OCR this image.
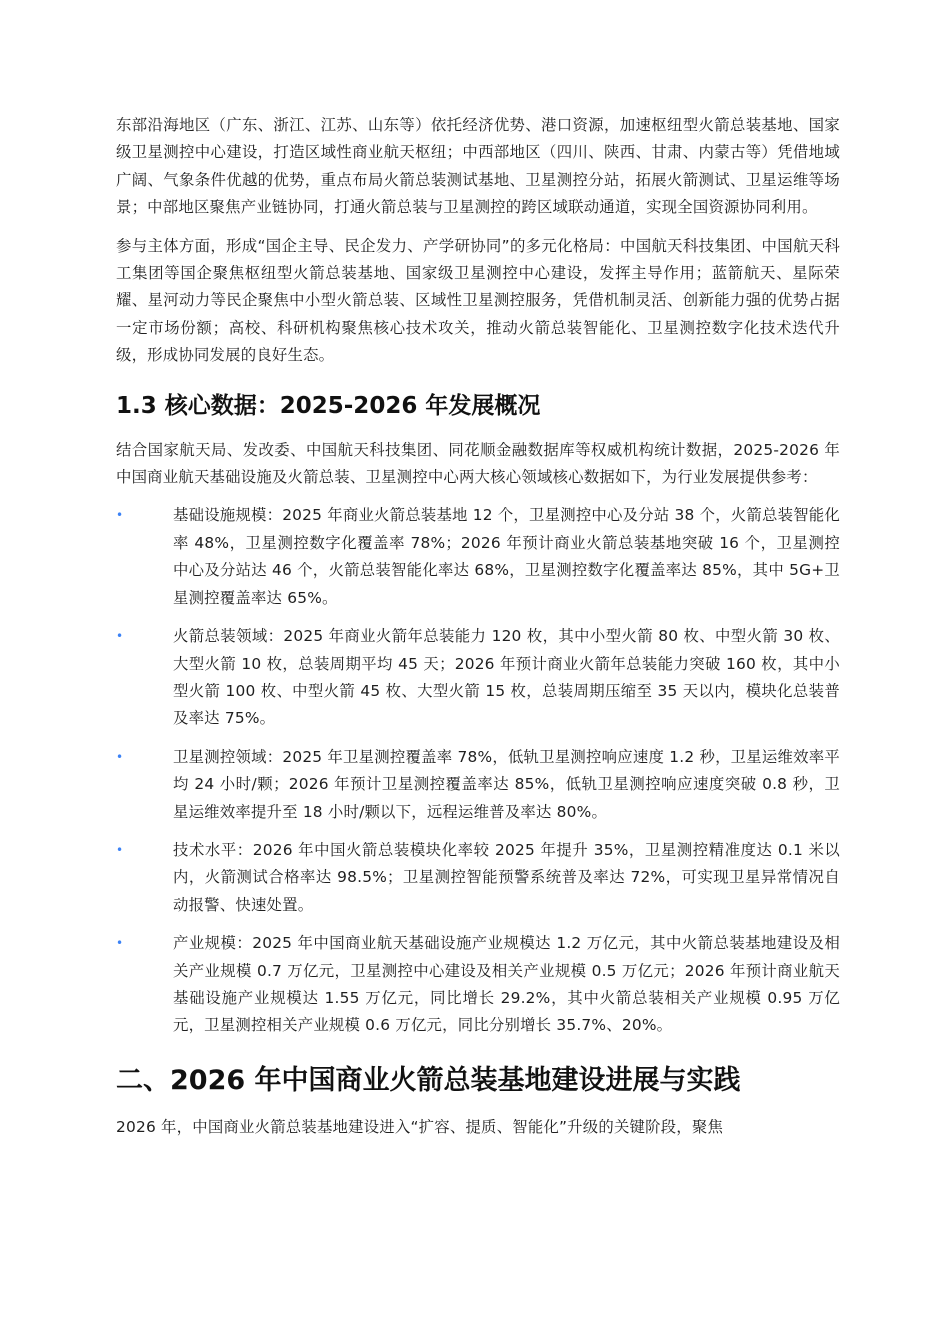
东部沿海地区（广东、浙江、江苏、山东等）依托经济优势、港口资源，加速枢纽型火箭总装基地、国家级卫星测控中心建设，打造区域性商业航天枢纽；中西部地区（四川、陕西、甘肃、内蒙古等）凭借地域广阔、气象条件优越的优势，重点布局火箭总装测试基地、卫星测控分站，拓展火箭测试、卫星运维等场景；中部地区聚焦产业链协同，打通火箭总装与卫星测控的跨区域联动通道，实现全国资源协同利用。

参与主体方面，形成“国企主导、民企发力、产学研协同”的多元化格局：中国航天科技集团、中国航天科工集团等国企聚焦枢纽型火箭总装基地、国家级卫星测控中心建设，发挥主导作用；蓝箭航天、星际荣耀、星河动力等民企聚焦中小型火箭总装、区域性卫星测控服务，凭借机制灵活、创新能力强的优势占据一定市场份额；高校、科研机构聚焦核心技术攻关，推动火箭总装智能化、卫星测控数字化技术迭代升级，形成协同发展的良好生态。

1.3 核心数据：2025-2026 年发展概况

结合国家航天局、发改委、中国航天科技集团、同花顺金融数据库等权威机构统计数据，2025-2026 年中国商业航天基础设施及火箭总装、卫星测控中心两大核心领域核心数据如下，为行业发展提供参考：

•	基础设施规模：2025 年商业火箭总装基地 12 个，卫星测控中心及分站 38 个，火箭总装智能化率 48%，卫星测控数字化覆盖率 78%；2026 年预计商业火箭总装基地突破 16 个，卫星测控中心及分站达 46 个，火箭总装智能化率达 68%，卫星测控数字化覆盖率达 85%，其中 5G+卫星测控覆盖率达 65%。
•	火箭总装领域：2025 年商业火箭年总装能力 120 枚，其中小型火箭 80 枚、中型火箭 30 枚、大型火箭 10 枚，总装周期平均 45 天；2026 年预计商业火箭年总装能力突破 160 枚，其中小型火箭 100 枚、中型火箭 45 枚、大型火箭 15 枚，总装周期压缩至 35 天以内，模块化总装普及率达 75%。
•	卫星测控领域：2025 年卫星测控覆盖率 78%，低轨卫星测控响应速度 1.2 秒，卫星运维效率平均 24 小时/颗；2026 年预计卫星测控覆盖率达 85%，低轨卫星测控响应速度突破 0.8 秒，卫星运维效率提升至 18 小时/颗以下，远程运维普及率达 80%。
•	技术水平：2026 年中国火箭总装模块化率较 2025 年提升 35%，卫星测控精准度达 0.1 米以内，火箭测试合格率达 98.5%；卫星测控智能预警系统普及率达 72%，可实现卫星异常情况自动报警、快速处置。
•	产业规模：2025 年中国商业航天基础设施产业规模达 1.2 万亿元，其中火箭总装基地建设及相关产业规模 0.7 万亿元，卫星测控中心建设及相关产业规模 0.5 万亿元；2026 年预计商业航天基础设施产业规模达 1.55 万亿元，同比增长 29.2%，其中火箭总装相关产业规模 0.95 万亿元，卫星测控相关产业规模 0.6 万亿元，同比分别增长 35.7%、20%。
二、2026 年中国商业火箭总装基地建设进展与实践

2026 年，中国商业火箭总装基地建设进入“扩容、提质、智能化”升级的关键阶段，聚焦
